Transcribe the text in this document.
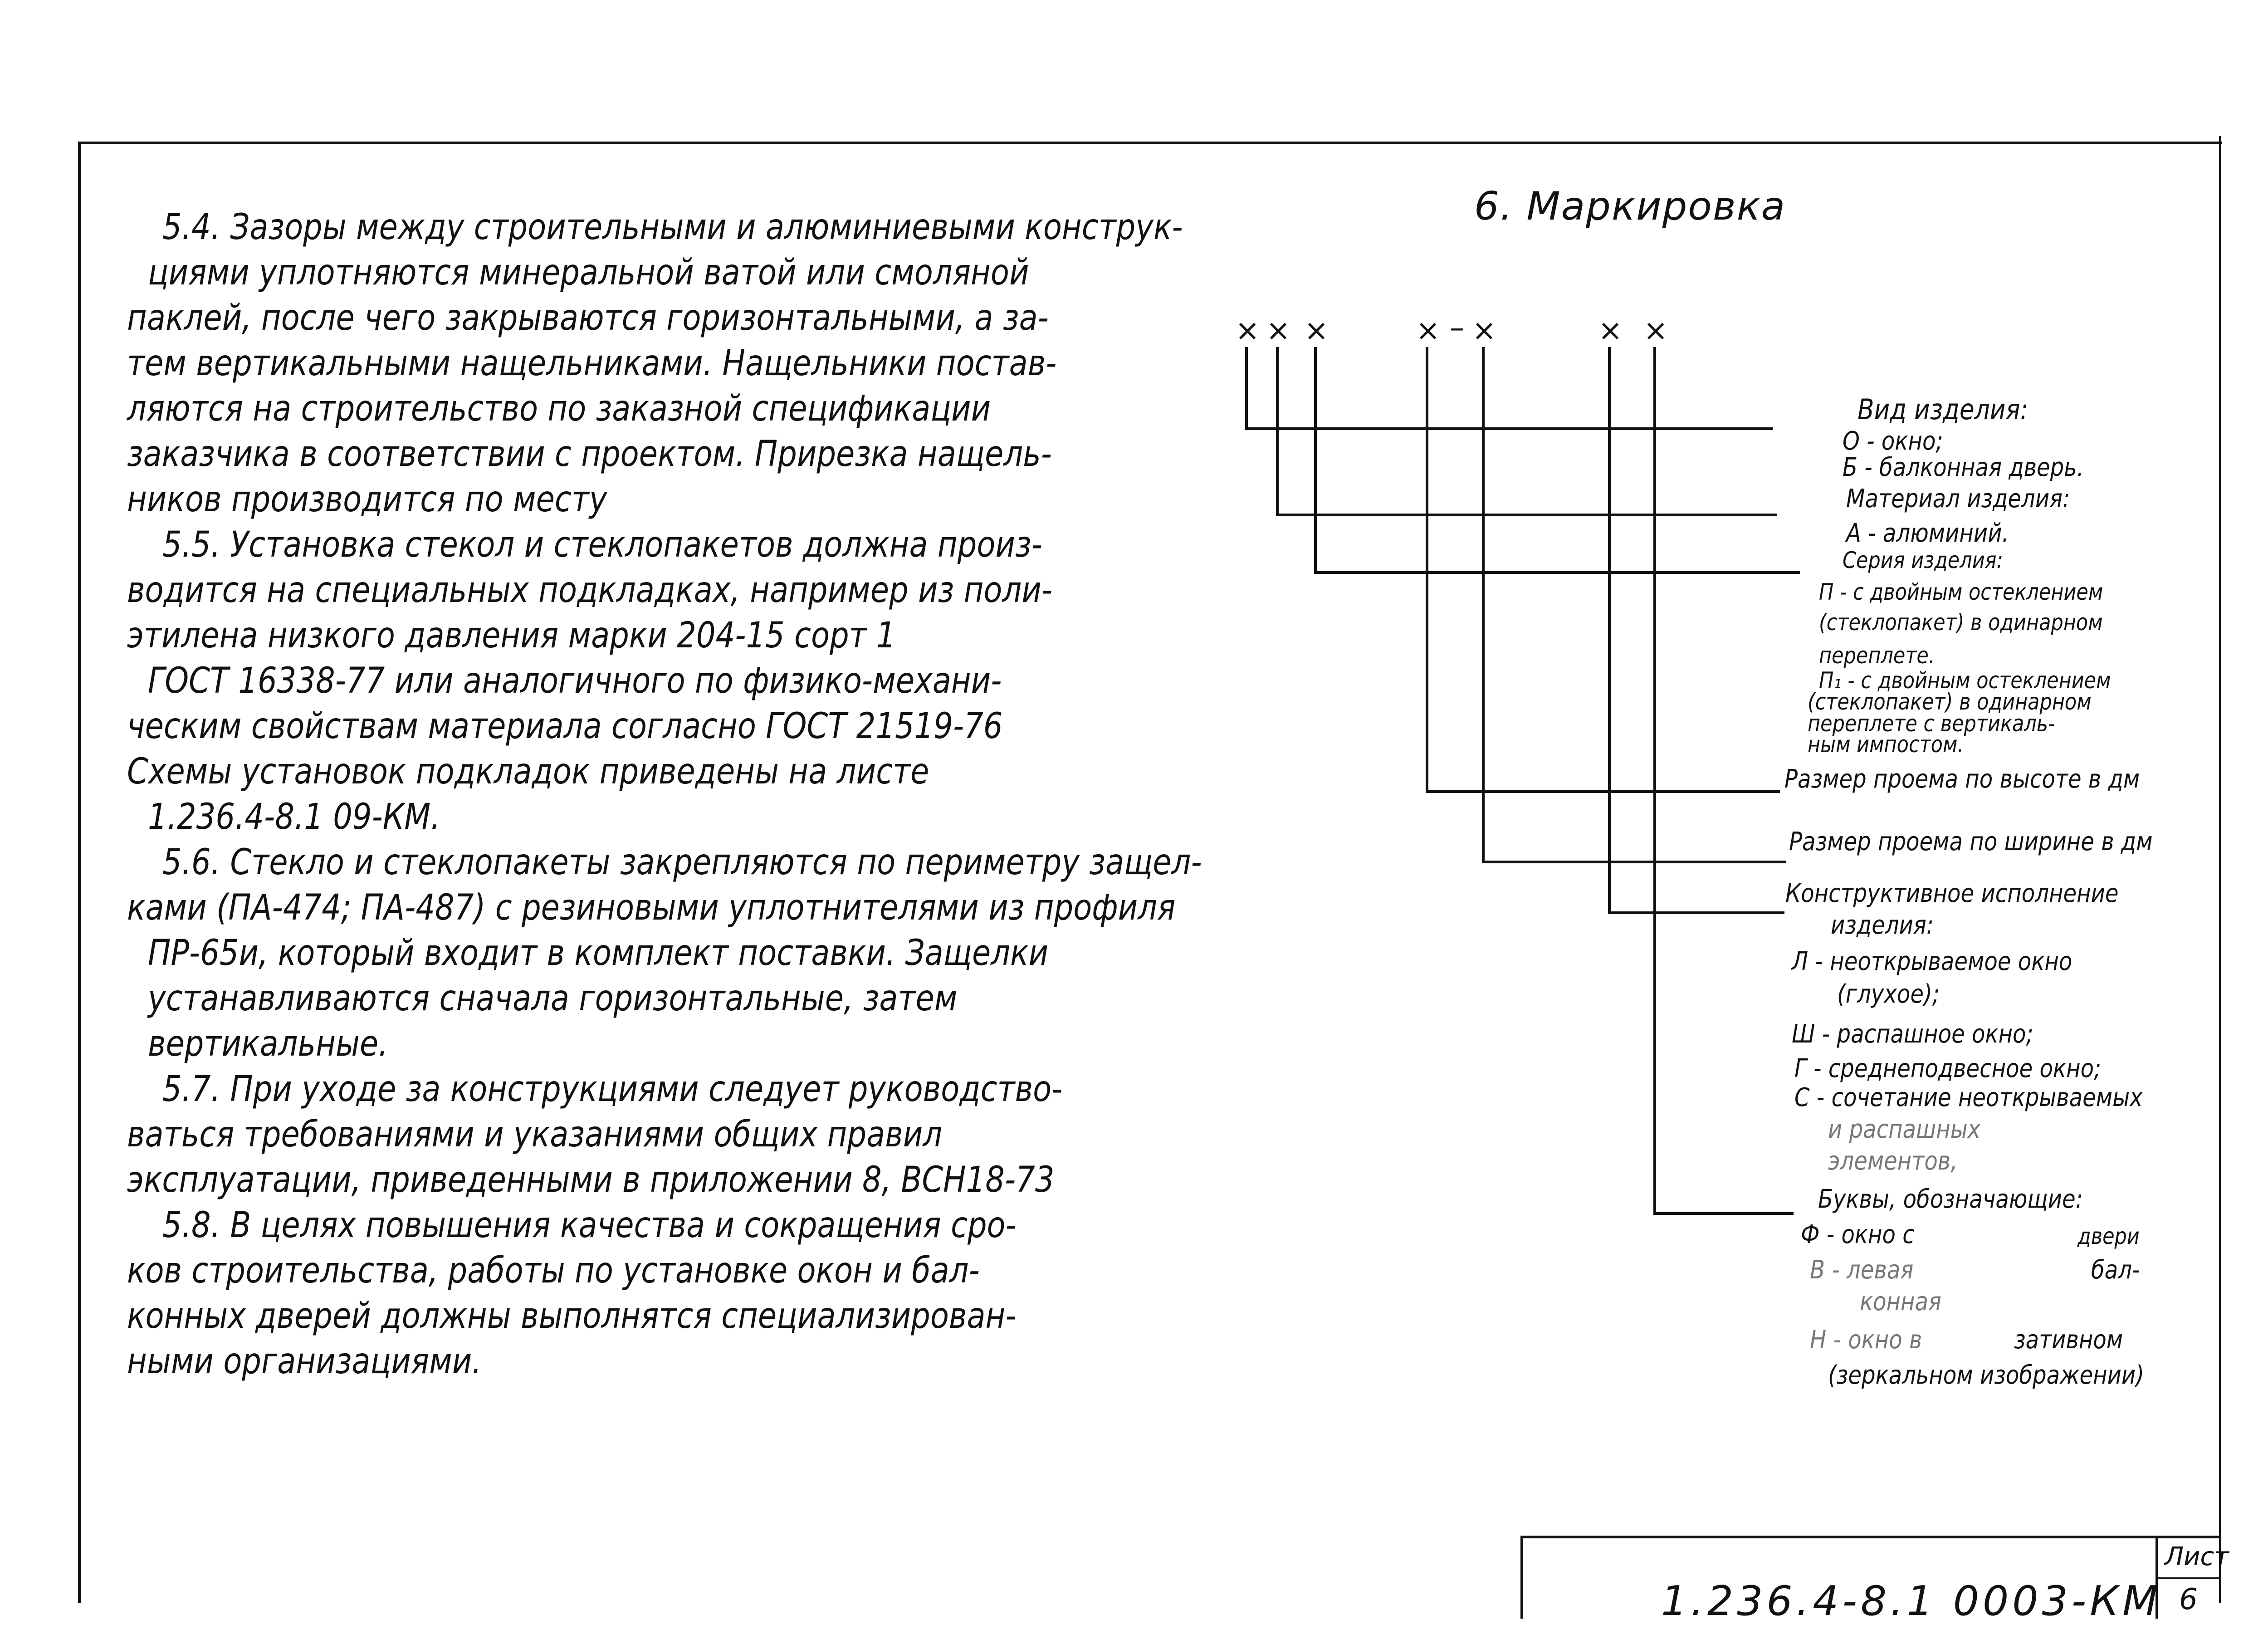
5.4. Зазоры между строительными и алюминиевыми конструк-
циями уплотняются минеральной ватой или смоляной
паклей, после чего закрываются горизонтальными, а за-
тем вертикальными нащельниками. Нащельники постав-
ляются на строительство по заказной спецификации
заказчика в соответствии с проектом. Прирезка нащель-
ников производится по месту
5.5. Установка стекол и стеклопакетов должна произ-
водится на специальных подкладках, например из поли-
этилена низкого давления марки 204-15 сорт 1
ГОСТ 16338-77 или аналогичного по физико-механи-
ческим свойствам материала согласно ГОСТ 21519-76
Схемы установок подкладок приведены на листе
1.236.4-8.1 09-КМ.
5.6. Стекло и стеклопакеты закрепляются по периметру защел-
ками (ПА-474; ПА-487) с резиновыми уплотнителями из профиля
ПР-65и, который входит в комплект поставки. Защелки
устанавливаются сначала горизонтальные, затем
вертикальные.
5.7. При уходе за конструкциями следует руководство-
ваться требованиями и указаниями общих правил
эксплуатации, приведенными в приложении 8, ВСН18-73
5.8. В целях повышения качества и сокращения сро-
ков строительства, работы по установке окон и бал-
конных дверей должны выполнятся специализирован-
ными организациями.
6. Маркировка
× × ×	× – ×	× ×
Вид изделия:
О - окно;
Б - балконная дверь.
Материал изделия:
А - алюминий.
Серия изделия:
П - с двойным остеклением
(стеклопакет) в одинарном
переплете.
П₁ - с двойным остеклением
(стеклопакет) в одинарном
переплете с вертикаль-
ным импостом.
Размер проема по высоте в дм
Размер проема по ширине в дм
Конструктивное исполнение
изделия:
Л - неоткрываемое окно
(глухое);
Ш - распашное окно;
Г - среднеподвесное окно;
С - сочетание неоткрываемых
и распашных
элементов,
Буквы, обозначающие:
Ф - окно с	двери
В - левая	бал-
конная
Н - окно в	зативном
(зеркальном изображении)
1.236.4-8.1 0003-КМ
Лист
6
